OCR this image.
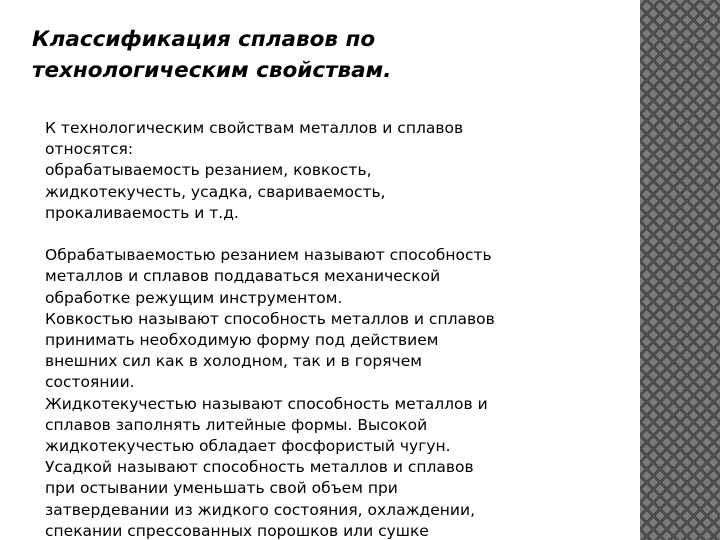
Классификация сплавов по
технологическим свойствам.

К технологическим свойствам металлов и сплавов

относятся:

обрабатываемость резанием, ковкость,

жидкотекучесть, усадка, свариваемость,

прокаливаемость и т.д.

Обрабатываемостью резанием называют способность

металлов и сплавов поддаваться механической

обработке режущим инструментом.

Ковкостью называют способность металлов и сплавов

принимать необходимую форму под действием

внешних сил как в холодном, так и в горячем

состоянии.

Жидкотекучестью называют способность металлов и

сплавов заполнять литейные формы. Высокой

жидкотекучестью обладает фосфористый чугун.

Усадкой называют способность металлов и сплавов

при остывании уменьшать свой объем при

затвердевании из жидкого состояния, охлаждении,

спекании спрессованных порошков или сушке
